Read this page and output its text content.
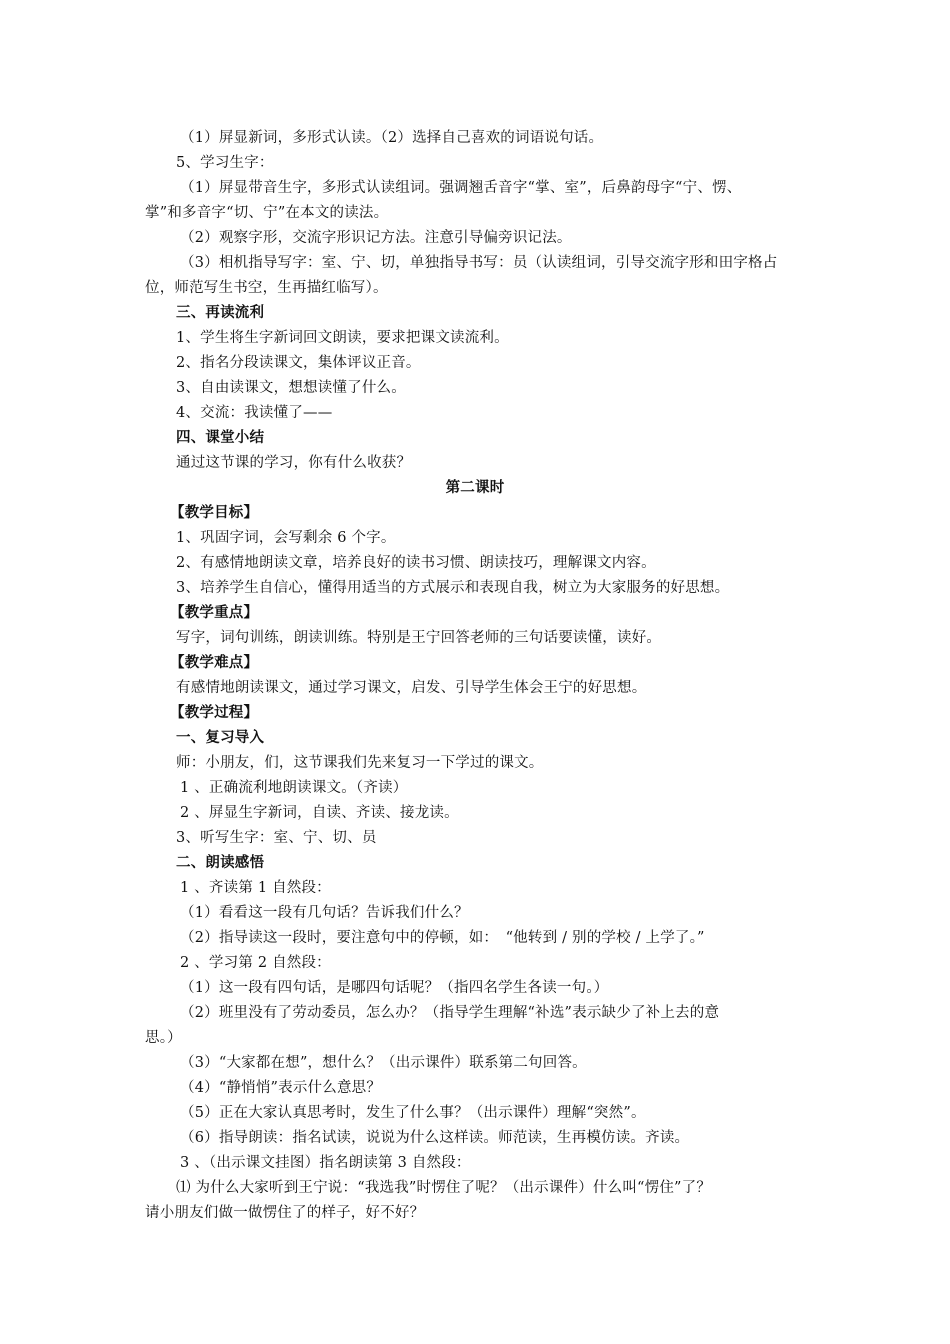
（1）屏显新词，多形式认读。（2）选择自己喜欢的词语说句话。
5、学习生字：
（1）屏显带音生字，多形式认读组词。强调翘舌音字“掌、室”，后鼻韵母字“宁、愣、
掌”和多音字“切、宁”在本文的读法。
（2）观察字形，交流字形识记方法。注意引导偏旁识记法。
（3）相机指导写字：室、宁、切，单独指导书写：员（认读组词，引导交流字形和田字格占
位，师范写生书空，生再描红临写）。
三、再读流利
1、学生将生字新词回文朗读，要求把课文读流利。
2、指名分段读课文，集体评议正音。
3、自由读课文，想想读懂了什么。
4、交流：我读懂了——
四、课堂小结
通过这节课的学习，你有什么收获？
第二课时
【教学目标】
1、巩固字词，会写剩余 6 个字。
2、有感情地朗读文章，培养良好的读书习惯、朗读技巧，理解课文内容。
3、培养学生自信心，懂得用适当的方式展示和表现自我，树立为大家服务的好思想。
【教学重点】
写字，词句训练，朗读训练。特别是王宁回答老师的三句话要读懂，读好。
【教学难点】
有感情地朗读课文，通过学习课文，启发、引导学生体会王宁的好思想。
【教学过程】
一、复习导入
师：小朋友，们，这节课我们先来复习一下学过的课文。
1 、正确流利地朗读课文。（齐读）
2 、屏显生字新词，自读、齐读、接龙读。
3、听写生字：室、宁、切、员
二、朗读感悟
1 、齐读第 1 自然段：
（1）看看这一段有几句话？告诉我们什么？
（2）指导读这一段时，要注意句中的停顿，如：　“他转到 / 别的学校 / 上学了。”
2 、学习第 2 自然段：
（1）这一段有四句话，是哪四句话呢？（指四名学生各读一句。）
（2）班里没有了劳动委员，怎么办？（指导学生理解“补选”表示缺少了补上去的意
思。）
（3）“大家都在想”，想什么？（出示课件）联系第二句回答。
（4）“静悄悄”表示什么意思？
（5）正在大家认真思考时，发生了什么事？（出示课件）理解“突然”。
（6）指导朗读：指名试读，说说为什么这样读。师范读，生再模仿读。齐读。
3 、（出示课文挂图）指名朗读第 3 自然段：
⑴ 为什么大家听到王宁说：“我选我”时愣住了呢？（出示课件）什么叫“愣住”了？
请小朋友们做一做愣住了的样子，好不好？
